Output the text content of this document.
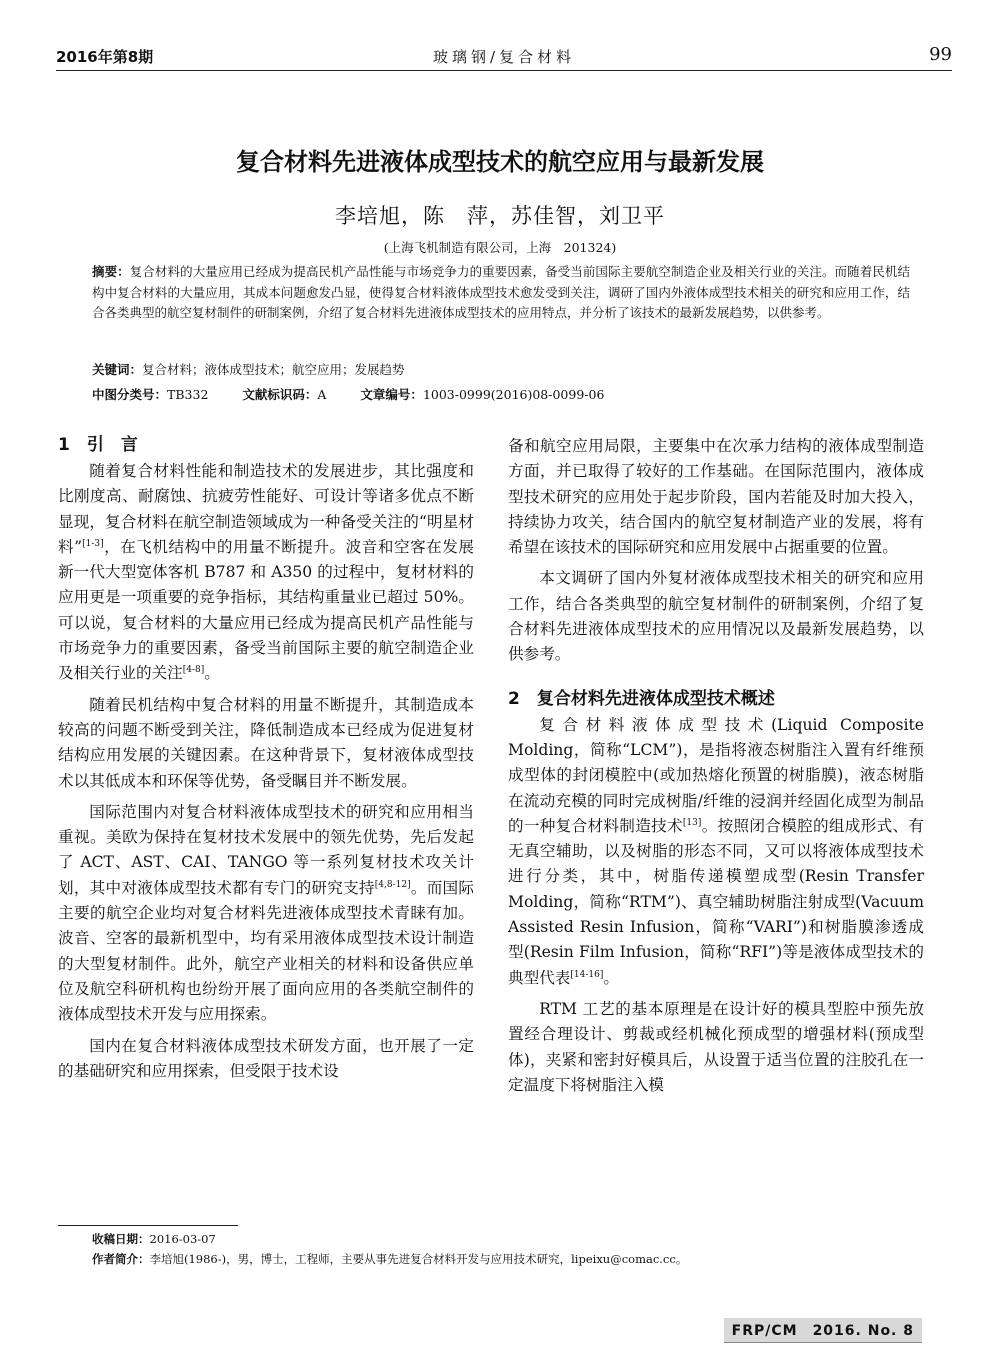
2016年第8期	玻璃钢/复合材料	99
复合材料先进液体成型技术的航空应用与最新发展
李培旭，陈　萍，苏佳智，刘卫平
(上海飞机制造有限公司，上海　201324)
摘要：复合材料的大量应用已经成为提高民机产品性能与市场竞争力的重要因素，备受当前国际主要航空制造企业及相关行业的关注。而随着民机结构中复合材料的大量应用，其成本问题愈发凸显，使得复合材料液体成型技术愈发受到关注，调研了国内外液体成型技术相关的研究和应用工作，结合各类典型的航空复材制件的研制案例，介绍了复合材料先进液体成型技术的应用特点，并分析了该技术的最新发展趋势，以供参考。
关键词：复合材料；液体成型技术；航空应用；发展趋势
中图分类号：TB332	文献标识码：A	文章编号：1003-0999(2016)08-0099-06
1　引　言

随着复合材料性能和制造技术的发展进步，其比强度和比刚度高、耐腐蚀、抗疲劳性能好、可设计等诸多优点不断显现，复合材料在航空制造领域成为一种备受关注的“明星材料”[1-3]，在飞机结构中的用量不断提升。波音和空客在发展新一代大型宽体客机 B787 和 A350 的过程中，复材材料的应用更是一项重要的竞争指标，其结构重量业已超过 50%。可以说，复合材料的大量应用已经成为提高民机产品性能与市场竞争力的重要因素，备受当前国际主要的航空制造企业及相关行业的关注[4-8]。

随着民机结构中复合材料的用量不断提升，其制造成本较高的问题不断受到关注，降低制造成本已经成为促进复材结构应用发展的关键因素。在这种背景下，复材液体成型技术以其低成本和环保等优势，备受瞩目并不断发展。

国际范围内对复合材料液体成型技术的研究和应用相当重视。美欧为保持在复材技术发展中的领先优势，先后发起了 ACT、AST、CAI、TANGO 等一系列复材技术攻关计划，其中对液体成型技术都有专门的研究支持[4,8-12]。而国际主要的航空企业均对复合材料先进液体成型技术青睐有加。波音、空客的最新机型中，均有采用液体成型技术设计制造的大型复材制件。此外，航空产业相关的材料和设备供应单位及航空科研机构也纷纷开展了面向应用的各类航空制件的液体成型技术开发与应用探索。

国内在复合材料液体成型技术研发方面，也开展了一定的基础研究和应用探索，但受限于技术设

备和航空应用局限，主要集中在次承力结构的液体成型制造方面，并已取得了较好的工作基础。在国际范围内，液体成型技术研究的应用处于起步阶段，国内若能及时加大投入，持续协力攻关，结合国内的航空复材制造产业的发展，将有希望在该技术的国际研究和应用发展中占据重要的位置。

本文调研了国内外复材液体成型技术相关的研究和应用工作，结合各类典型的航空复材制件的研制案例，介绍了复合材料先进液体成型技术的应用情况以及最新发展趋势，以供参考。

2　复合材料先进液体成型技术概述

复合材料液体成型技术(Liquid Composite Molding，简称“LCM”)，是指将液态树脂注入置有纤维预成型体的封闭模腔中(或加热熔化预置的树脂膜)，液态树脂在流动充模的同时完成树脂/纤维的浸润并经固化成型为制品的一种复合材料制造技术[13]。按照闭合模腔的组成形式、有无真空辅助，以及树脂的形态不同，又可以将液体成型技术进行分类，其中，树脂传递模塑成型(Resin Transfer Molding，简称“RTM”)、真空辅助树脂注射成型(Vacuum Assisted Resin Infusion，简称“VARI”)和树脂膜渗透成型(Resin Film Infusion，简称“RFI”)等是液体成型技术的典型代表[14-16]。

RTM 工艺的基本原理是在设计好的模具型腔中预先放置经合理设计、剪裁或经机械化预成型的增强材料(预成型体)，夹紧和密封好模具后，从设置于适当位置的注胶孔在一定温度下将树脂注入模

收稿日期：2016-03-07
作者简介：李培旭(1986-)，男，博士，工程师，主要从事先进复合材料开发与应用技术研究，lipeixu@comac.cc。
FRP/CM　2016. No. 8
